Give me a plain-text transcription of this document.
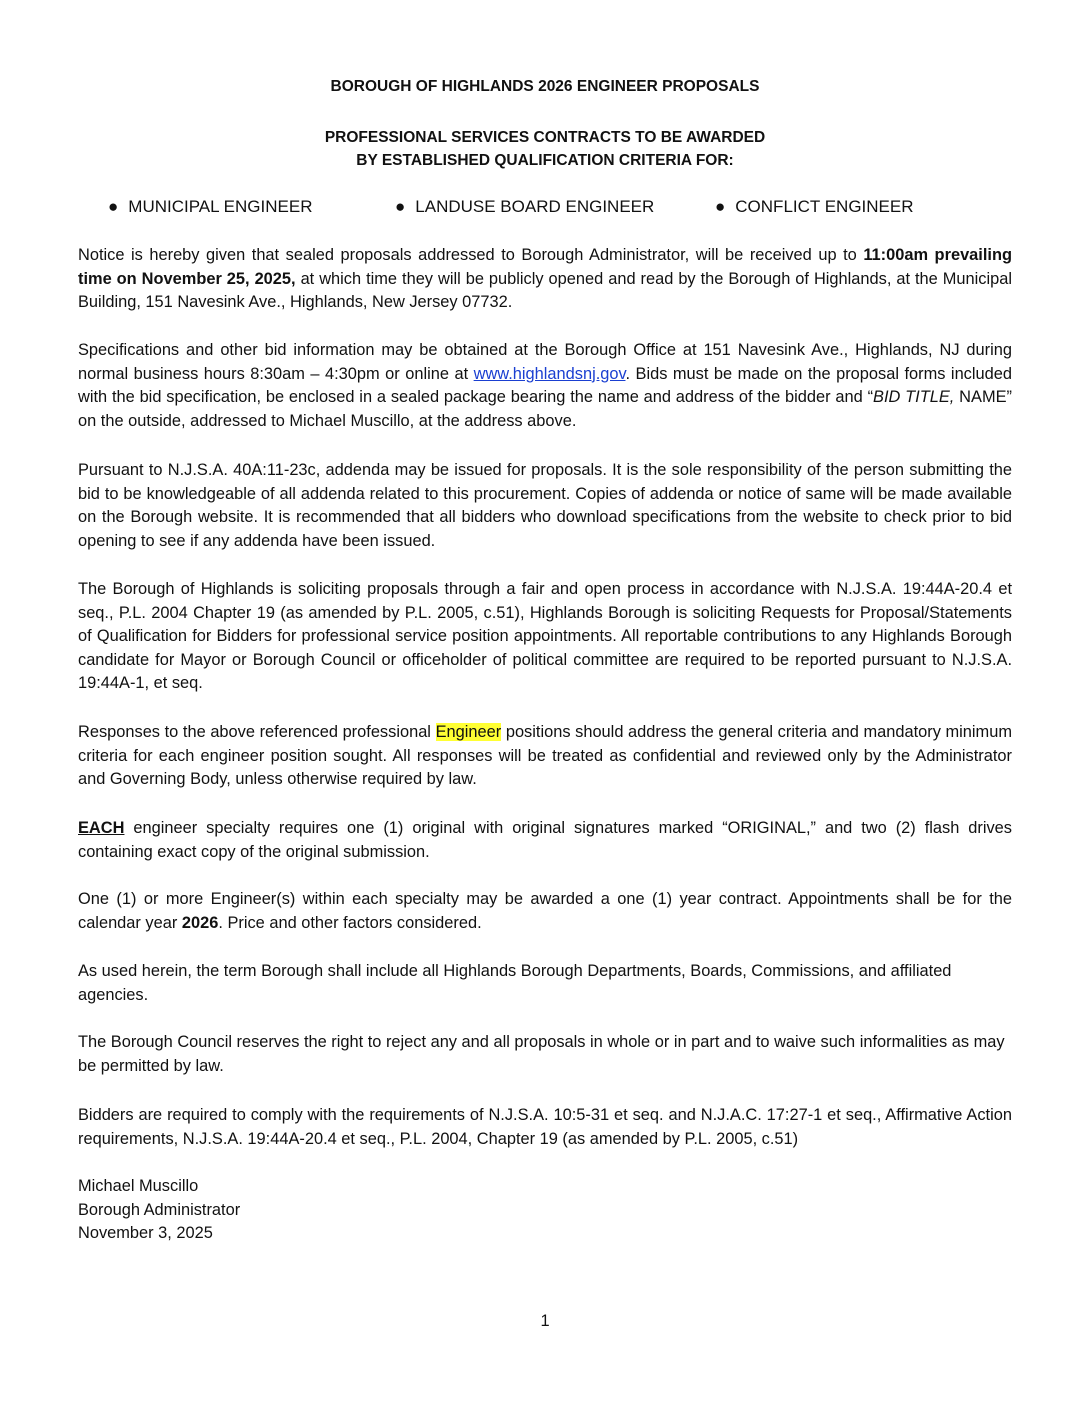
BOROUGH OF HIGHLANDS 2026 ENGINEER PROPOSALS
PROFESSIONAL SERVICES CONTRACTS TO BE AWARDED
BY ESTABLISHED QUALIFICATION CRITERIA FOR:
● MUNICIPAL ENGINEER	● LANDUSE BOARD ENGINEER	● CONFLICT ENGINEER

Notice is hereby given that sealed proposals addressed to Borough Administrator, will be received up to 11:00am prevailing time on November 25, 2025, at which time they will be publicly opened and read by the Borough of Highlands, at the Municipal Building, 151 Navesink Ave., Highlands, New Jersey 07732.

Specifications and other bid information may be obtained at the Borough Office at 151 Navesink Ave., Highlands, NJ during normal business hours 8:30am – 4:30pm or online at www.highlandsnj.gov. Bids must be made on the proposal forms included with the bid specification, be enclosed in a sealed package bearing the name and address of the bidder and “BID TITLE, NAME” on the outside, addressed to Michael Muscillo, at the address above.

Pursuant to N.J.S.A. 40A:11-23c, addenda may be issued for proposals. It is the sole responsibility of the person submitting the bid to be knowledgeable of all addenda related to this procurement. Copies of addenda or notice of same will be made available on the Borough website. It is recommended that all bidders who download specifications from the website to check prior to bid opening to see if any addenda have been issued.

The Borough of Highlands is soliciting proposals through a fair and open process in accordance with N.J.S.A. 19:44A-20.4 et seq., P.L. 2004 Chapter 19 (as amended by P.L. 2005, c.51), Highlands Borough is soliciting Requests for Proposal/Statements of Qualification for Bidders for professional service position appointments. All reportable contributions to any Highlands Borough candidate for Mayor or Borough Council or officeholder of political committee are required to be reported pursuant to N.J.S.A. 19:44A-1, et seq.

Responses to the above referenced professional Engineer positions should address the general criteria and mandatory minimum criteria for each engineer position sought. All responses will be treated as confidential and reviewed only by the Administrator and Governing Body, unless otherwise required by law.

EACH engineer specialty requires one (1) original with original signatures marked “ORIGINAL,” and two (2) flash drives containing exact copy of the original submission.

One (1) or more Engineer(s) within each specialty may be awarded a one (1) year contract. Appointments shall be for the calendar year 2026. Price and other factors considered.

As used herein, the term Borough shall include all Highlands Borough Departments, Boards, Commissions, and affiliated agencies.

The Borough Council reserves the right to reject any and all proposals in whole or in part and to waive such informalities as may be permitted by law.

Bidders are required to comply with the requirements of N.J.S.A. 10:5-31 et seq. and N.J.A.C. 17:27-1 et seq., Affirmative Action requirements, N.J.S.A. 19:44A-20.4 et seq., P.L. 2004, Chapter 19 (as amended by P.L. 2005, c.51)

Michael Muscillo
Borough Administrator
November 3, 2025
1
